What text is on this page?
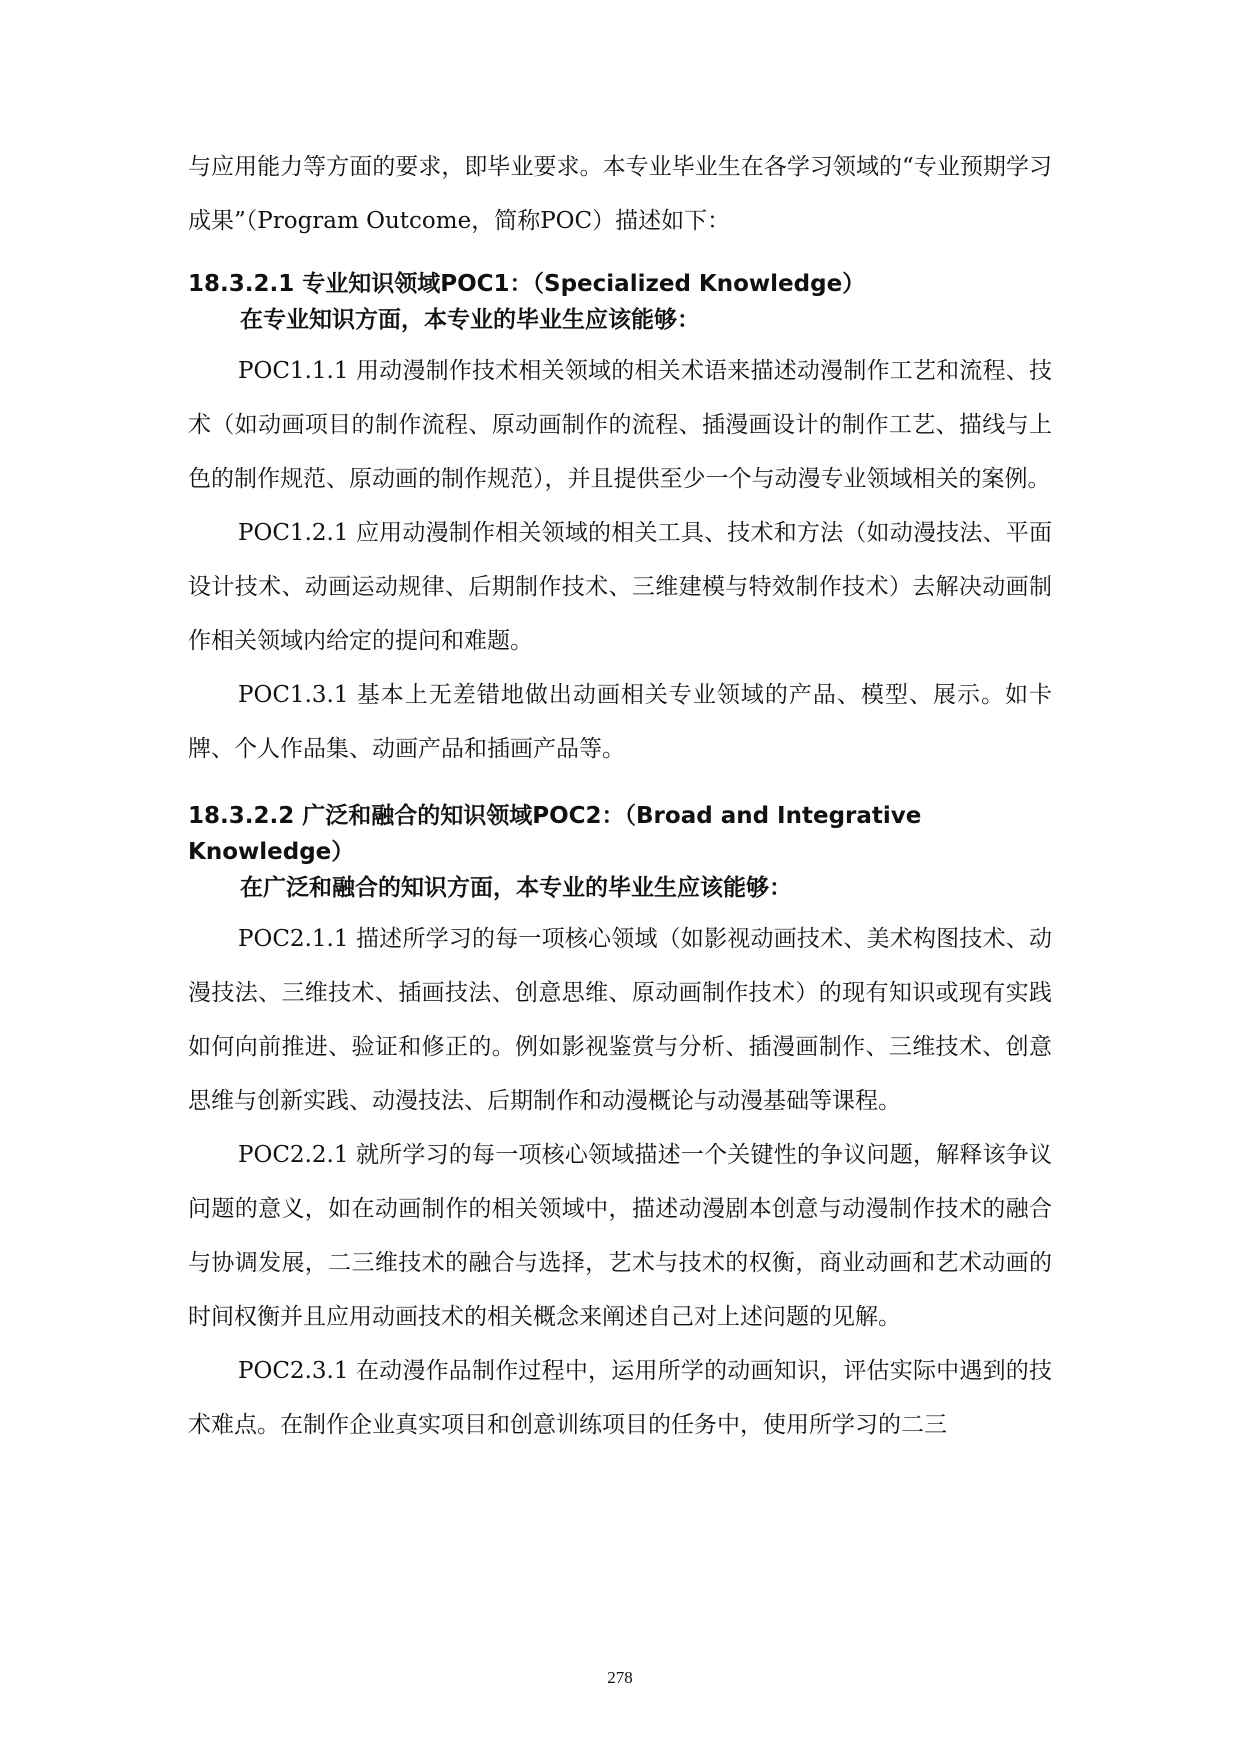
与应用能力等方面的要求，即毕业要求。本专业毕业生在各学习领域的“专业预期学习成果”（Program Outcome，简称POC）描述如下：

18.3.2.1 专业知识领域POC1：（Specialized Knowledge）

在专业知识方面，本专业的毕业生应该能够：

POC1.1.1 用动漫制作技术相关领域的相关术语来描述动漫制作工艺和流程、技术（如动画项目的制作流程、原动画制作的流程、插漫画设计的制作工艺、描线与上色的制作规范、原动画的制作规范），并且提供至少一个与动漫专业领域相关的案例。

POC1.2.1 应用动漫制作相关领域的相关工具、技术和方法（如动漫技法、平面设计技术、动画运动规律、后期制作技术、三维建模与特效制作技术）去解决动画制作相关领域内给定的提问和难题。

POC1.3.1 基本上无差错地做出动画相关专业领域的产品、模型、展示。如卡牌、个人作品集、动画产品和插画产品等。

18.3.2.2 广泛和融合的知识领域POC2：（Broad and Integrative Knowledge）

在广泛和融合的知识方面，本专业的毕业生应该能够：

POC2.1.1 描述所学习的每一项核心领域（如影视动画技术、美术构图技术、动漫技法、三维技术、插画技法、创意思维、原动画制作技术）的现有知识或现有实践如何向前推进、验证和修正的。例如影视鉴赏与分析、插漫画制作、三维技术、创意思维与创新实践、动漫技法、后期制作和动漫概论与动漫基础等课程。

POC2.2.1 就所学习的每一项核心领域描述一个关键性的争议问题，解释该争议问题的意义，如在动画制作的相关领域中，描述动漫剧本创意与动漫制作技术的融合与协调发展，二三维技术的融合与选择，艺术与技术的权衡，商业动画和艺术动画的时间权衡并且应用动画技术的相关概念来阐述自己对上述问题的见解。

POC2.3.1 在动漫作品制作过程中，运用所学的动画知识，评估实际中遇到的技术难点。在制作企业真实项目和创意训练项目的任务中，使用所学习的二三

278
